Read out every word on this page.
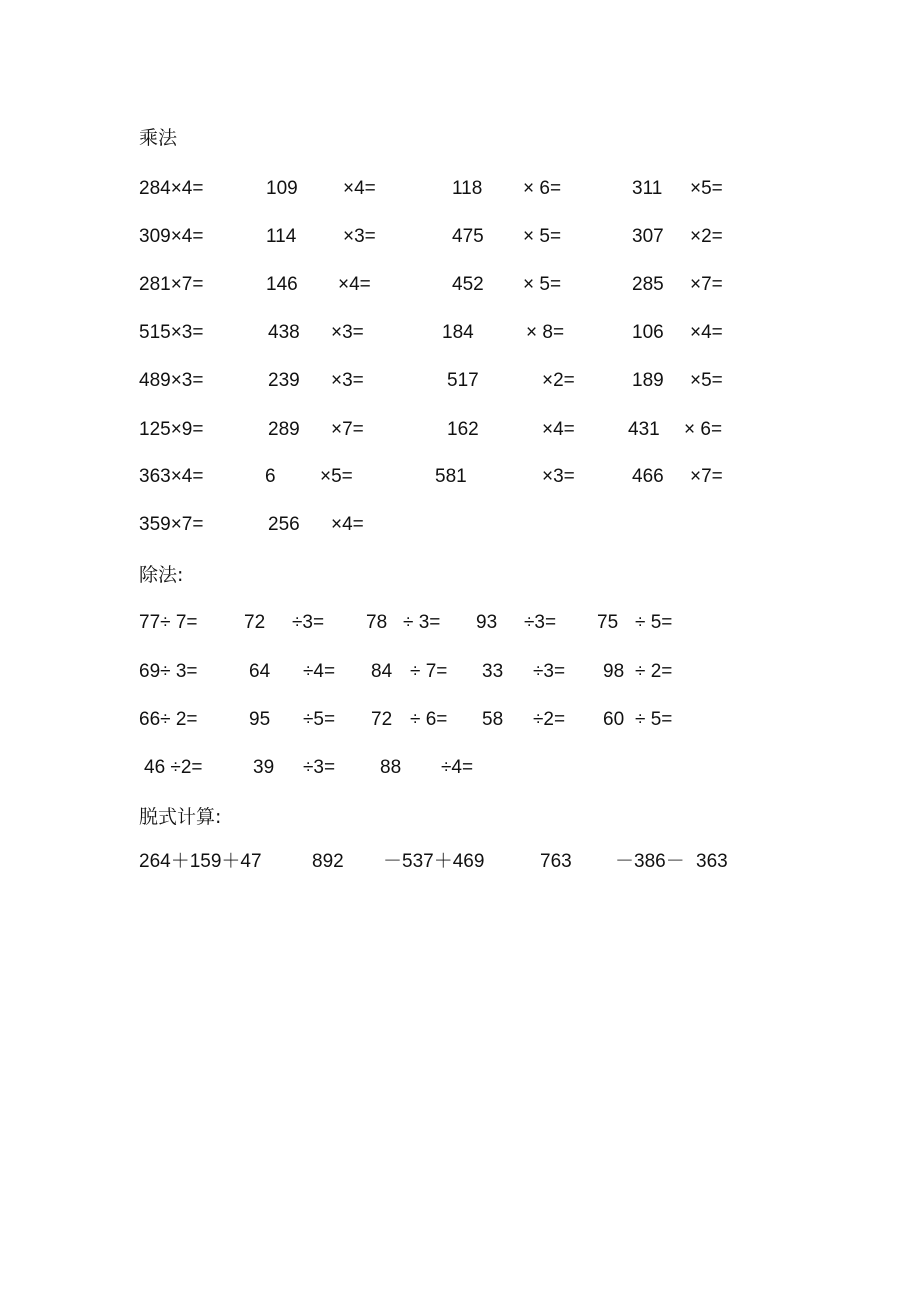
乘法
284×4=	109 ×4=	118 × 6=	311 ×5=
309×4=	114 ×3=	475 × 5=	307 ×2=
281×7=	146 ×4=	452 × 5=	285 ×7=
515×3=	438 ×3=	184	× 8=	106 ×4=
489×3=	239 ×3=	517	×2=	189 ×5=
125×9=	289 ×7=	162	×4=	431 × 6=
363×4=	6 ×5=	581	×3=	466 ×7=
359×7=	256 ×4=
除法:
77÷ 7= 72 ÷3= 78 ÷ 3= 93 ÷3= 75 ÷ 5=
69÷ 3=	64 ÷4= 84 ÷ 7= 33 ÷3= 98 ÷ 2=
66÷ 2=	95 ÷5= 72 ÷ 6= 58 ÷2= 60 ÷ 5=
46 ÷2=	39 ÷3= 88 ÷4=
脱式计算:
264＋159＋47	892 －537＋469	763 －386－ 363
